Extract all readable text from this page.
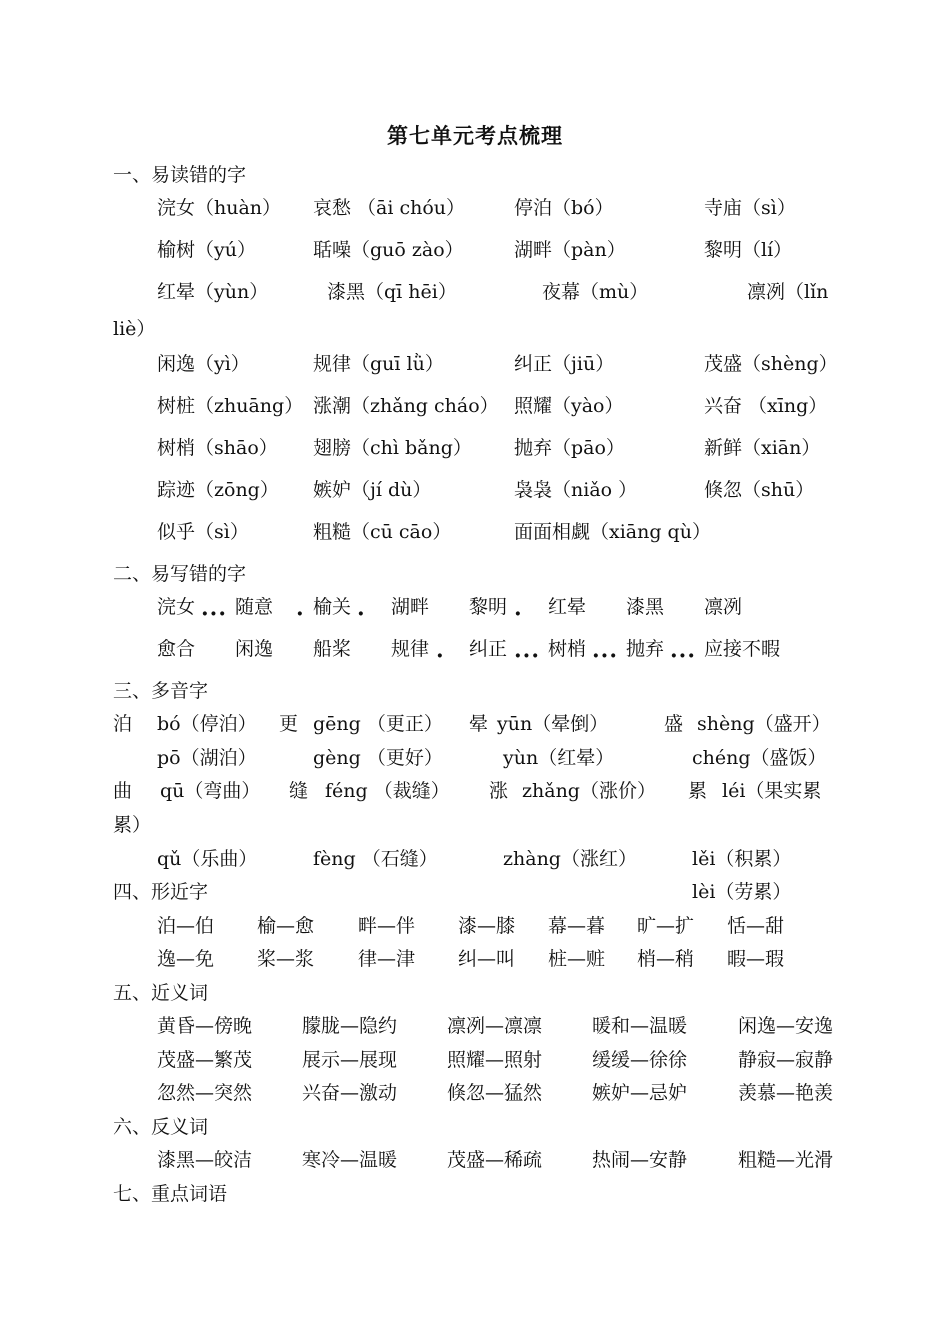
第七单元考点梳理
一、易读错的字
浣女（huàn） 哀愁 （āi chóu）	停泊（bó）	寺庙（sì）
榆树（yú）	聒噪（guō zào）	湖畔（pàn）	黎明（lí）
红晕（yùn）	漆黑（qī hēi）	夜幕（mù）	凛冽（lǐn
liè）
闲逸（yì）	规律（guī lǜ）	纠正（jiū）	茂盛（shèng）
树桩（zhuāng） 涨潮（zhǎng cháo） 照耀（yào）	兴奋 （xīng）
树梢（shāo） 翅膀（chì bǎng） 抛弃（pāo）	新鲜（xiān）
踪迹（zōng） 嫉妒（jí dù）	袅袅（niǎo ）	倏忽（shū）
似乎（sì）	粗糙（cū cāo）	面面相觑（xiāng qù）
二、易写错的字
浣女 随意 榆关 湖畔 黎明 红晕 漆黑 凛冽
···	· ·	·
愈合 闲逸 船桨 规律 纠正 树梢 抛弃 应接不暇
·	··· ··· ···
三、多音字
泊 bó（停泊） 更 gēng （更正） 晕 yūn（晕倒）	盛 shèng（盛开）
pō（湖泊）	gèng （更好）	yùn（红晕）	chéng（盛饭）
曲 qū（弯曲） 缝 féng （裁缝） 涨 zhǎng（涨价） 累 léi（果实累
累）
qǔ（乐曲）	fèng （石缝）	zhàng（涨红）	lěi（积累）
四、形近字	lèi（劳累）
泊—伯 榆—愈 畔—伴 漆—膝 幕—暮 旷—扩 恬—甜
逸—免 桨—浆 律—津 纠—叫 桩—赃 梢—稍 暇—瑕
五、近义词
黄昏—傍晚	朦胧—隐约	凛冽—凛凛	暖和—温暖	闲逸—安逸
茂盛—繁茂	展示—展现	照耀—照射	缓缓—徐徐	静寂—寂静
忽然—突然	兴奋—激动	倏忽—猛然	嫉妒—忌妒	羡慕—艳羡
六、反义词
漆黑—皎洁	寒冷—温暖	茂盛—稀疏	热闹—安静	粗糙—光滑
七、重点词语
